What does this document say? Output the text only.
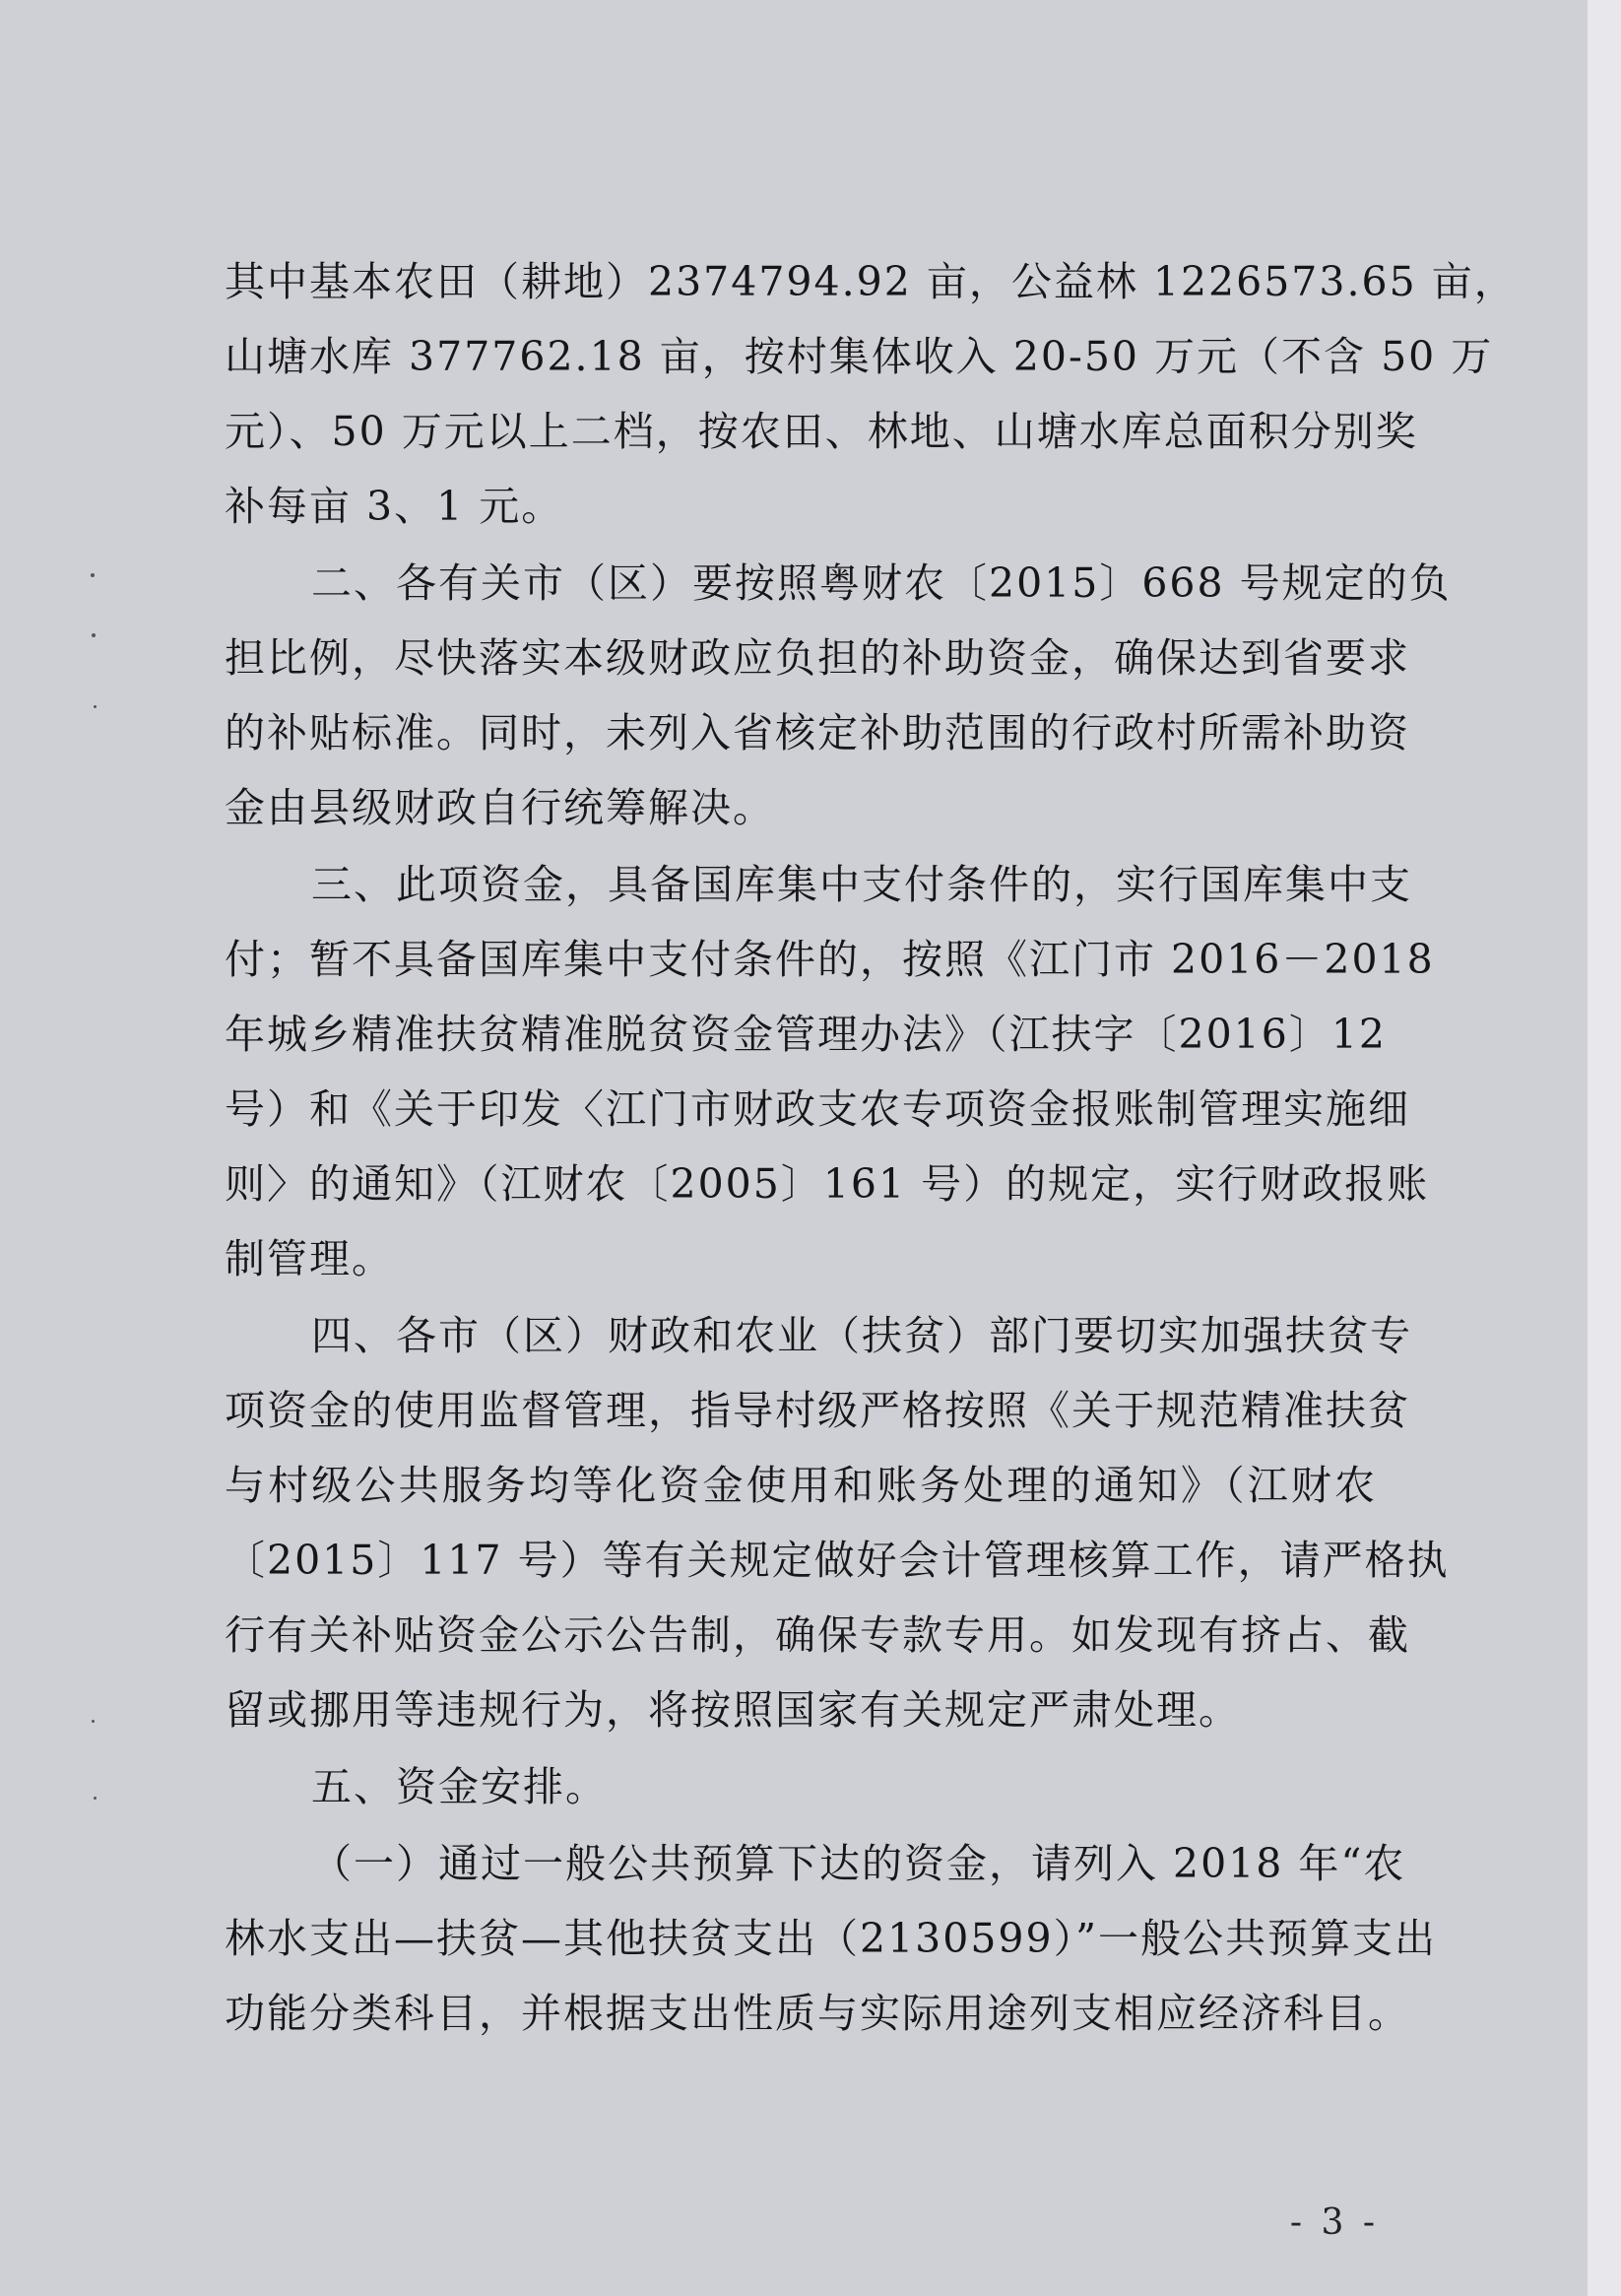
其中基本农田（耕地）2374794.92 亩，公益林 1226573.65 亩，
山塘水库 377762.18 亩，按村集体收入 20-50 万元（不含 50 万
元）、50 万元以上二档，按农田、林地、山塘水库总面积分别奖
补每亩 3、1 元。
二、各有关市（区）要按照粤财农〔2015〕668 号规定的负
担比例，尽快落实本级财政应负担的补助资金，确保达到省要求
的补贴标准。同时，未列入省核定补助范围的行政村所需补助资
金由县级财政自行统筹解决。
三、此项资金，具备国库集中支付条件的，实行国库集中支
付；暂不具备国库集中支付条件的，按照《江门市 2016－2018
年城乡精准扶贫精准脱贫资金管理办法》（江扶字〔2016〕12
号）和《关于印发〈江门市财政支农专项资金报账制管理实施细
则〉的通知》（江财农〔2005〕161 号）的规定，实行财政报账
制管理。
四、各市（区）财政和农业（扶贫）部门要切实加强扶贫专
项资金的使用监督管理，指导村级严格按照《关于规范精准扶贫
与村级公共服务均等化资金使用和账务处理的通知》（江财农
〔2015〕117 号）等有关规定做好会计管理核算工作，请严格执
行有关补贴资金公示公告制，确保专款专用。如发现有挤占、截
留或挪用等违规行为，将按照国家有关规定严肃处理。
五、资金安排。
（一）通过一般公共预算下达的资金，请列入 2018 年“农
林水支出—扶贫—其他扶贫支出（2130599）”一般公共预算支出
功能分类科目，并根据支出性质与实际用途列支相应经济科目。
- 3 -
